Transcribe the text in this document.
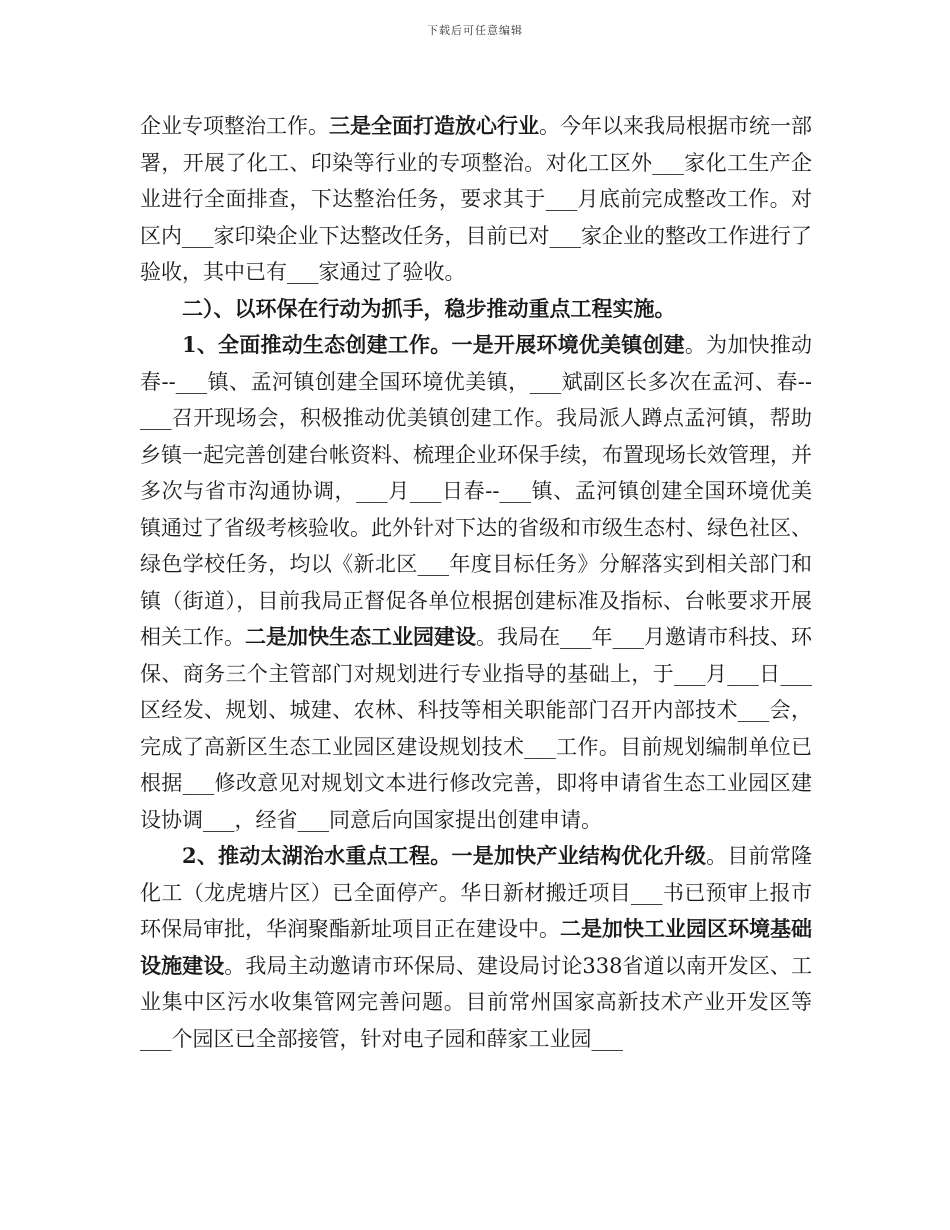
下载后可任意编辑

企业专项整治工作。三是全面打造放心行业。今年以来我局根据市统一部署，开展了化工、印染等行业的专项整治。对化工区外___家化工生产企业进行全面排查，下达整治任务，要求其于___月底前完成整改工作。对区内___家印染企业下达整改任务，目前已对___家企业的整改工作进行了验收，其中已有___家通过了验收。

二）、以环保在行动为抓手，稳步推动重点工程实施。

1、全面推动生态创建工作。一是开展环境优美镇创建。为加快推动春--___镇、孟河镇创建全国环境优美镇，___斌副区长多次在孟河、春--___召开现场会，积极推动优美镇创建工作。我局派人蹲点孟河镇，帮助乡镇一起完善创建台帐资料、梳理企业环保手续，布置现场长效管理，并多次与省市沟通协调，___月___日春--___镇、孟河镇创建全国环境优美镇通过了省级考核验收。此外针对下达的省级和市级生态村、绿色社区、绿色学校任务，均以《新北区___年度目标任务》分解落实到相关部门和镇（街道），目前我局正督促各单位根据创建标准及指标、台帐要求开展相关工作。二是加快生态工业园建设。我局在___年___月邀请市科技、环保、商务三个主管部门对规划进行专业指导的基础上，于___月___日___区经发、规划、城建、农林、科技等相关职能部门召开内部技术___会，完成了高新区生态工业园区建设规划技术___工作。目前规划编制单位已根据___修改意见对规划文本进行修改完善，即将申请省生态工业园区建设协调___，经省___同意后向国家提出创建申请。

2、推动太湖治水重点工程。一是加快产业结构优化升级。目前常隆化工（龙虎塘片区）已全面停产。华日新材搬迁项目___书已预审上报市环保局审批，华润聚酯新址项目正在建设中。二是加快工业园区环境基础设施建设。我局主动邀请市环保局、建设局讨论338省道以南开发区、工业集中区污水收集管网完善问题。目前常州国家高新技术产业开发区等___个园区已全部接管，针对电子园和薛家工业园___
